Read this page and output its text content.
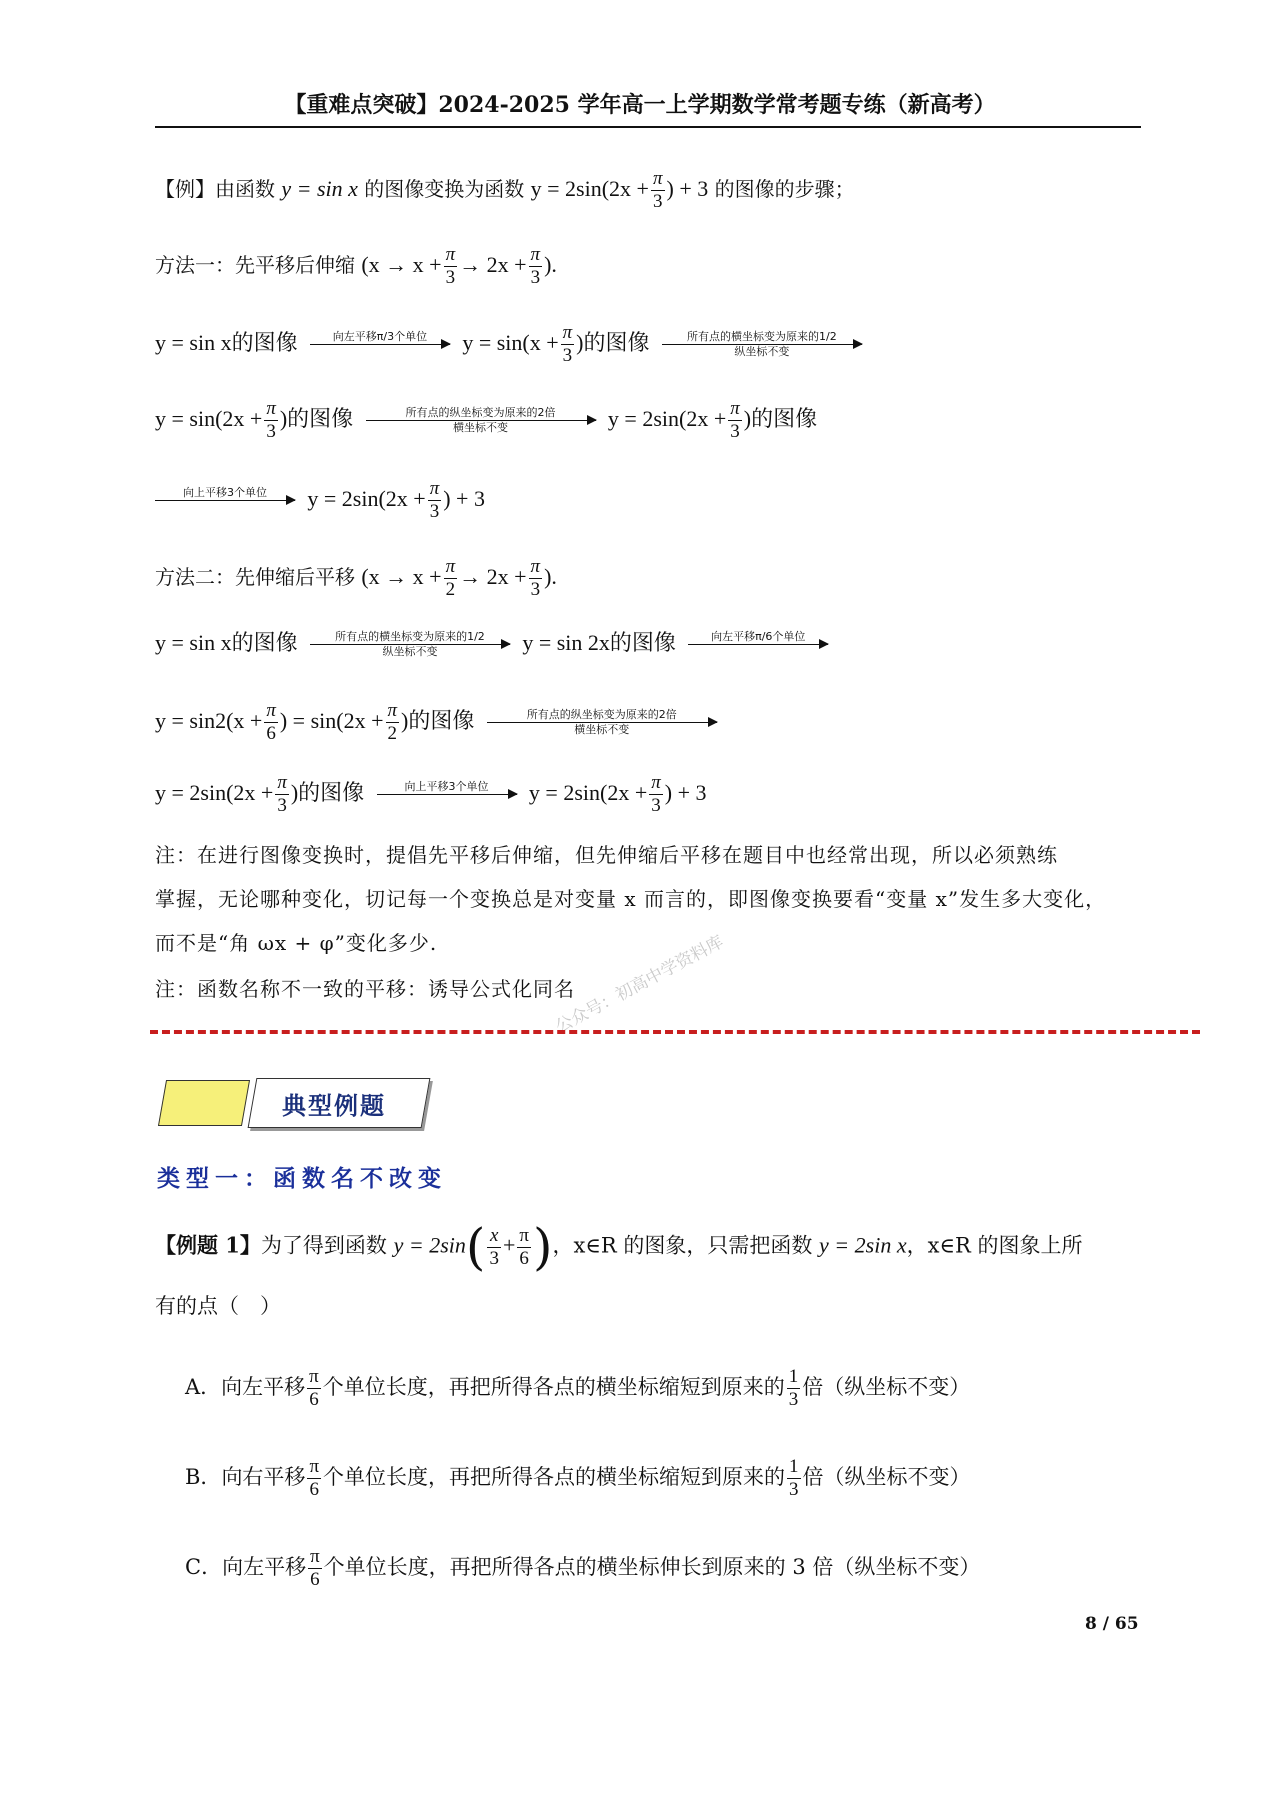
【重难点突破】2024-2025 学年高一上学期数学常考题专练（新高考）
【例】由函数 y = sin x 的图像变换为函数 $y = 2\sin(2x + \frac{\pi}{3}$ ) + 3 的图像的步骤；
方法一：先平移后伸缩 ($x \to x + \frac{\pi}{3} \to 2x + \frac{\pi}{3}$ ).
y = sin x的图像	向左平移π/3个单位
	$y = \sin(x + \frac{\pi}{3}$ )的图像	所有点的横坐标变为原来的1/2
纵坐标不变
$y = \sin(2x + \frac{\pi}{3}$ )的图像	所有点的纵坐标变为原来的2倍
横坐标不变	$y = 2\sin(2x + \frac{\pi}{3}$ )的图像
向上平移3个单位
	$y = 2\sin(2x + \frac{\pi}{3}$ ) + 3
方法二：先伸缩后平移 ($x \to x + \frac{\pi}{2} \to 2x + \frac{\pi}{3}$ ).
y = sin x的图像	所有点的横坐标变为原来的1/2
纵坐标不变	y = sin 2x的图像	向左平移π/6个单位

$y = \sin 2(x + \frac{\pi}{6}$ ) = $\sin(2x + \frac{\pi}{2}$ )的图像	所有点的纵坐标变为原来的2倍
横坐标不变
$y = 2\sin(2x + \frac{\pi}{3}$ )的图像	向上平移3个单位
	$y = 2\sin(2x + \frac{\pi}{3}$ ) + 3
注：在进行图像变换时，提倡先平移后伸缩，但先伸缩后平移在题目中也经常出现，所以必须熟练
掌握，无论哪种变化，切记每一个变换总是对变量 x 而言的，即图像变换要看“变量 x”发生多大变化，
而不是“角 ωx + φ”变化多少.
注：函数名称不一致的平移：诱导公式化同名
公众号：初高中学资料库
典型例题
类型一：函数名不改变
【例题 1】为了得到函数 $y = 2\sin( \frac{x}{3} + \frac{\pi}{6}$ )，x∈R 的图象，只需把函数 y = 2sin x，x∈R 的图象上所
有的点（　）
A．向左平移 $\frac{\pi}{6}$ 个单位长度，再把所得各点的横坐标缩短到原来的 $\frac{1}{3}$ 倍（纵坐标不变）
B．向右平移 $\frac{\pi}{6}$ 个单位长度，再把所得各点的横坐标缩短到原来的 $\frac{1}{3}$ 倍（纵坐标不变）
C．向左平移 $\frac{\pi}{6}$ 个单位长度，再把所得各点的横坐标伸长到原来的 3 倍（纵坐标不变）
8 / 65
